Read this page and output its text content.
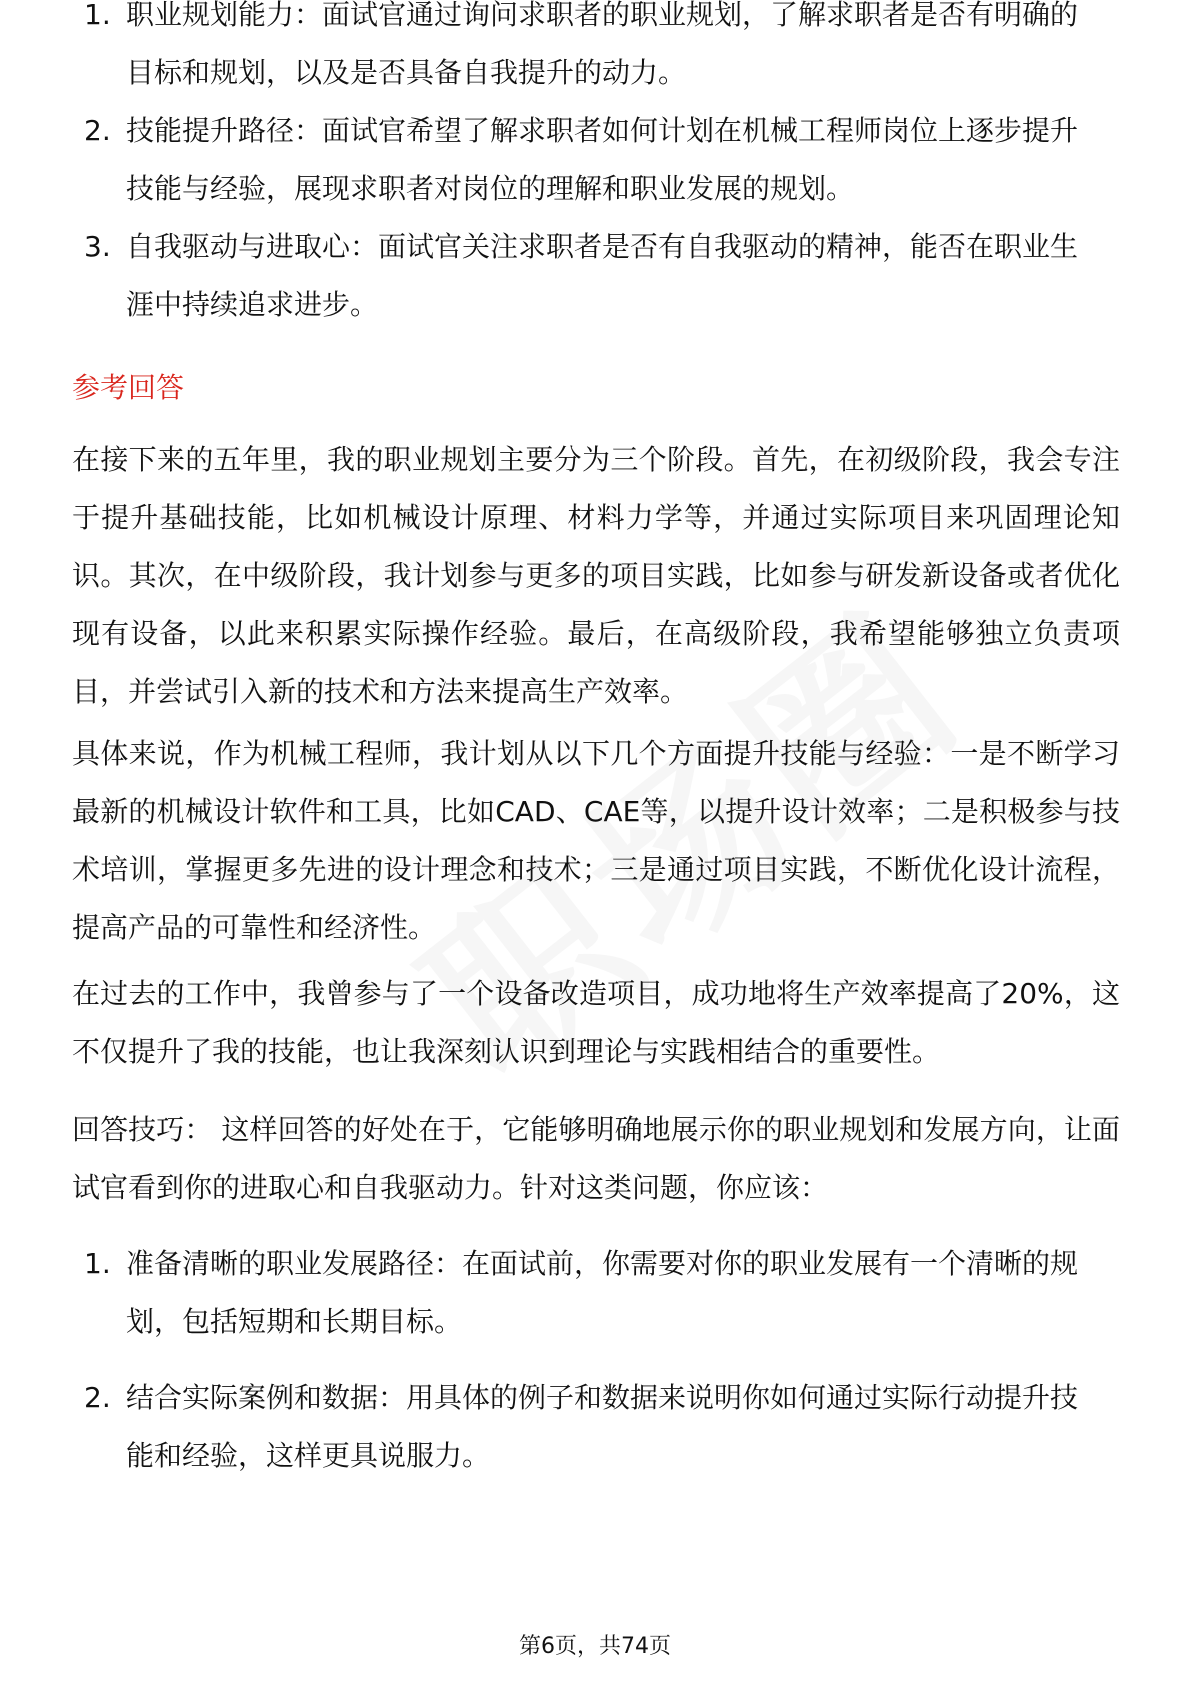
1. 职业规划能力：面试官通过询问求职者的职业规划，了解求职者是否有明确的
目标和规划，以及是否具备自我提升的动力。
2. 技能提升路径：面试官希望了解求职者如何计划在机械工程师岗位上逐步提升
技能与经验，展现求职者对岗位的理解和职业发展的规划。
3. 自我驱动与进取心：面试官关注求职者是否有自我驱动的精神，能否在职业生
涯中持续追求进步。
参考回答

在接下来的五年里，我的职业规划主要分为三个阶段。首先，在初级阶段，我会专注于提升基础技能，比如机械设计原理、材料力学等，并通过实际项目来巩固理论知识。其次，在中级阶段，我计划参与更多的项目实践，比如参与研发新设备或者优化现有设备，以此来积累实际操作经验。最后，在高级阶段，我希望能够独立负责项目，并尝试引入新的技术和方法来提高生产效率。

具体来说，作为机械工程师，我计划从以下几个方面提升技能与经验：一是不断学习最新的机械设计软件和工具，比如CAD、CAE等，以提升设计效率；二是积极参与技术培训，掌握更多先进的设计理念和技术；三是通过项目实践，不断优化设计流程，提高产品的可靠性和经济性。

在过去的工作中，我曾参与了一个设备改造项目，成功地将生产效率提高了20%，这不仅提升了我的技能，也让我深刻认识到理论与实践相结合的重要性。

回答技巧： 这样回答的好处在于，它能够明确地展示你的职业规划和发展方向，让面试官看到你的进取心和自我驱动力。针对这类问题，你应该：

1. 准备清晰的职业发展路径：在面试前，你需要对你的职业发展有一个清晰的规
划，包括短期和长期目标。
2. 结合实际案例和数据：用具体的例子和数据来说明你如何通过实际行动提升技
能和经验，这样更具说服力。
第6页，共74页
